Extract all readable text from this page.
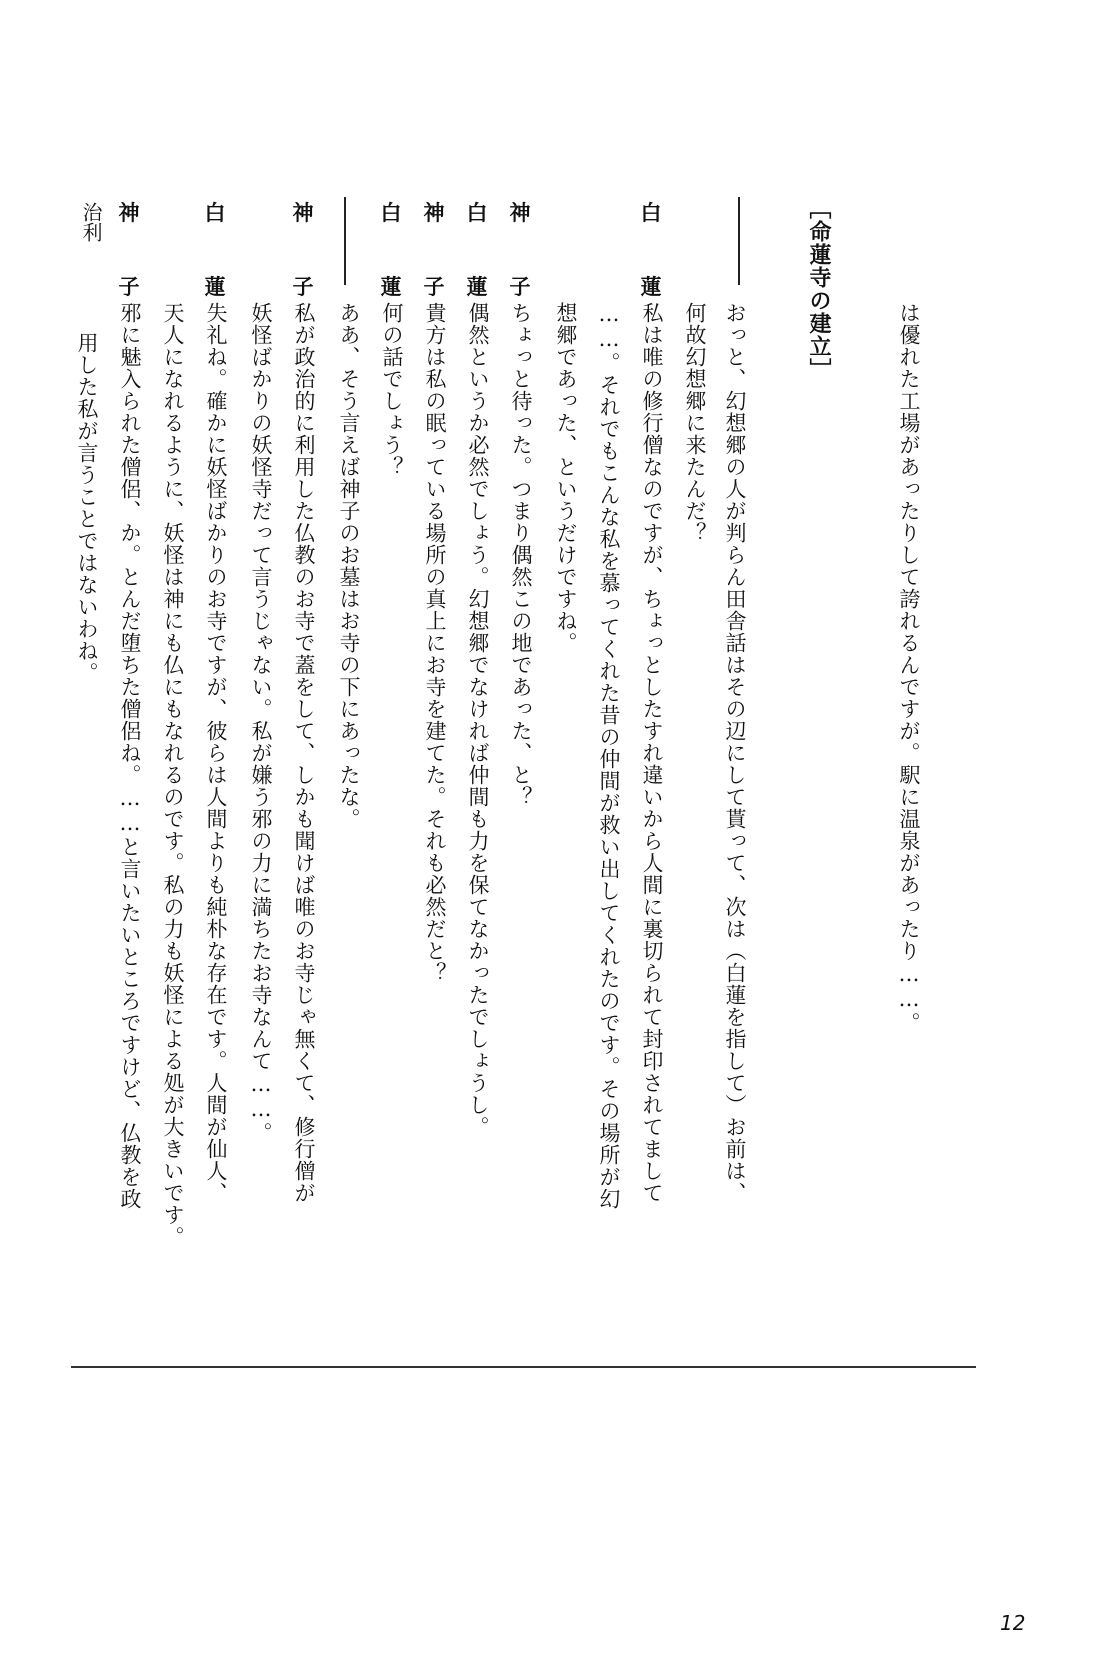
は優れた工場があったりして誇れるんですが。駅に温泉があったり……。
［命蓮寺の建立］
おっと、幻想郷の人が判らん田舎話はその辺にして貰って、次は（白蓮を指して）お前は、
何故幻想郷に来たんだ？
白
蓮
私は唯の修行僧なのですが、ちょっとしたすれ違いから人間に裏切られて封印されてまして
……。それでもこんな私を慕ってくれた昔の仲間が救い出してくれたのです。その場所が幻
想郷であった、というだけですね。
神
子
ちょっと待った。つまり偶然この地であった、と？
白
蓮
偶然というか必然でしょう。幻想郷でなければ仲間も力を保てなかったでしょうし。
神
子
貴方は私の眠っている場所の真上にお寺を建てた。それも必然だと？
白
蓮
何の話でしょう？
ああ、そう言えば神子のお墓はお寺の下にあったな。
神
子
私が政治的に利用した仏教のお寺で蓋をして、しかも聞けば唯のお寺じゃ無くて、修行僧が
妖怪ばかりの妖怪寺だって言うじゃない。私が嫌う邪の力に満ちたお寺なんて……。
白
蓮
失礼ね。確かに妖怪ばかりのお寺ですが、彼らは人間よりも純朴な存在です。人間が仙人、
天人になれるように、妖怪は神にも仏にもなれるのです。私の力も妖怪による処が大きいです。
神
子
邪に魅入られた僧侶、か。とんだ堕ちた僧侶ね。……と言いたいところですけど、仏教を政
治利
用した私が言うことではないわね。
12
